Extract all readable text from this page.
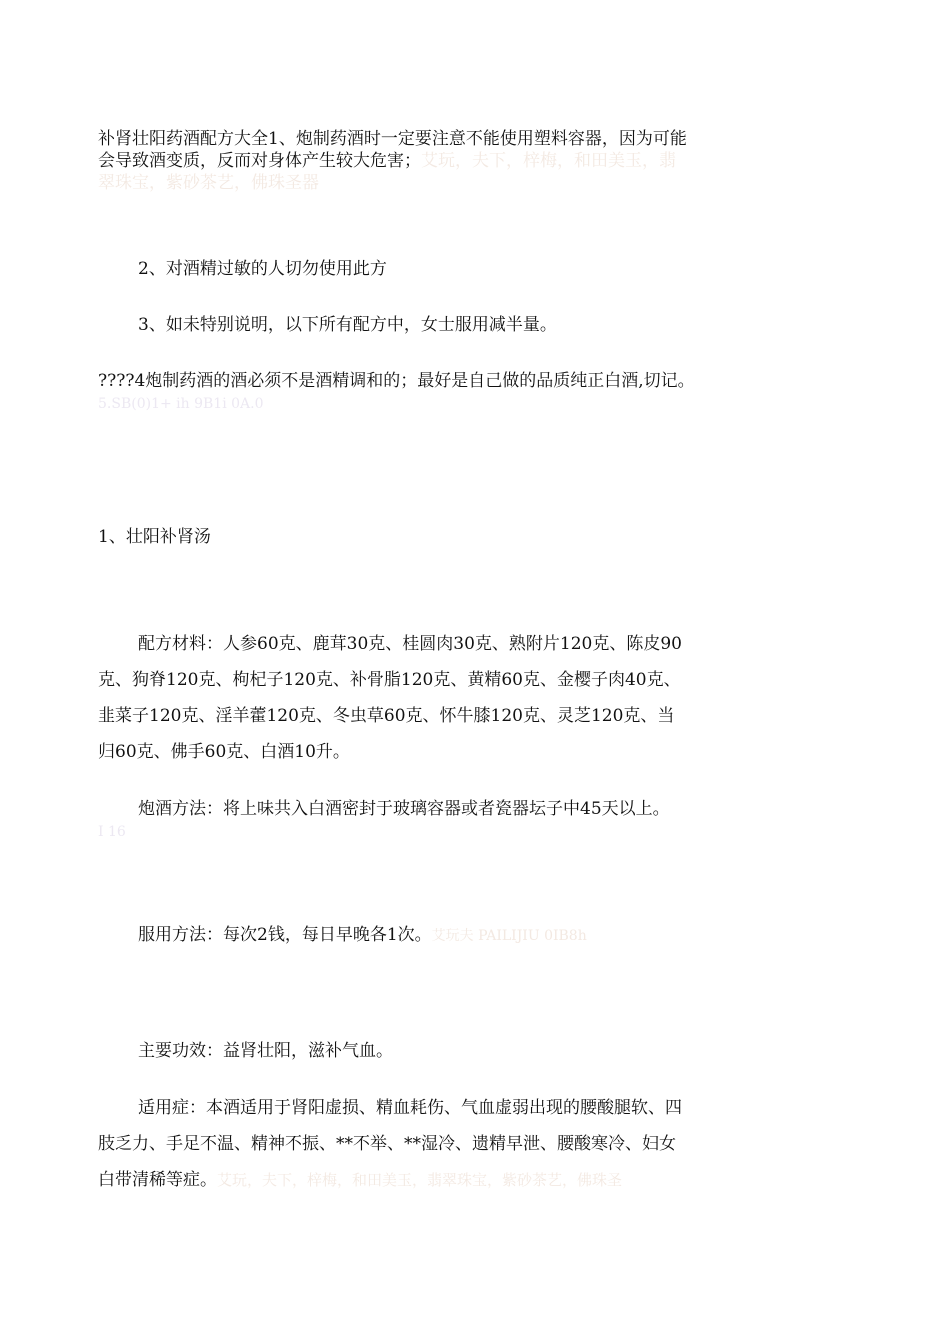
补肾壮阳药酒配方大全1、炮制药酒时一定要注意不能使用塑料容器，因为可能
会导致酒变质，反而对身体产生较大危害；艾玩，夫下，梓梅，和田美玉，翡
翠珠宝，紫砂茶艺，佛珠圣器

2、对酒精过敏的人切勿使用此方

3、如未特别说明，以下所有配方中，女士服用减半量。

????4炮制药酒的酒必须不是酒精调和的；最好是自己做的品质纯正白酒,切记。
5.SB(0)1+ ih 9B1i 0A.0

1、壮阳补肾汤

配方材料：人参60克、鹿茸30克、桂圆肉30克、熟附片120克、陈皮90
克、狗脊120克、枸杞子120克、补骨脂120克、黄精60克、金樱子肉40克、
韭菜子120克、淫羊藿120克、冬虫草60克、怀牛膝120克、灵芝120克、当
归60克、佛手60克、白酒10升。

炮酒方法：将上味共入白酒密封于玻璃容器或者瓷器坛子中45天以上。
I 16

服用方法：每次2钱，每日早晚各1次。艾玩夫 PAILIJIU 0IB8h

主要功效：益肾壮阳，滋补气血。

适用症：本酒适用于肾阳虚损、精血耗伤、气血虚弱出现的腰酸腿软、四
肢乏力、手足不温、精神不振、**不举、**湿冷、遗精早泄、腰酸寒冷、妇女
白带清稀等症。艾玩，夫下，梓梅，和田美玉，翡翠珠宝，紫砂茶艺，佛珠圣
